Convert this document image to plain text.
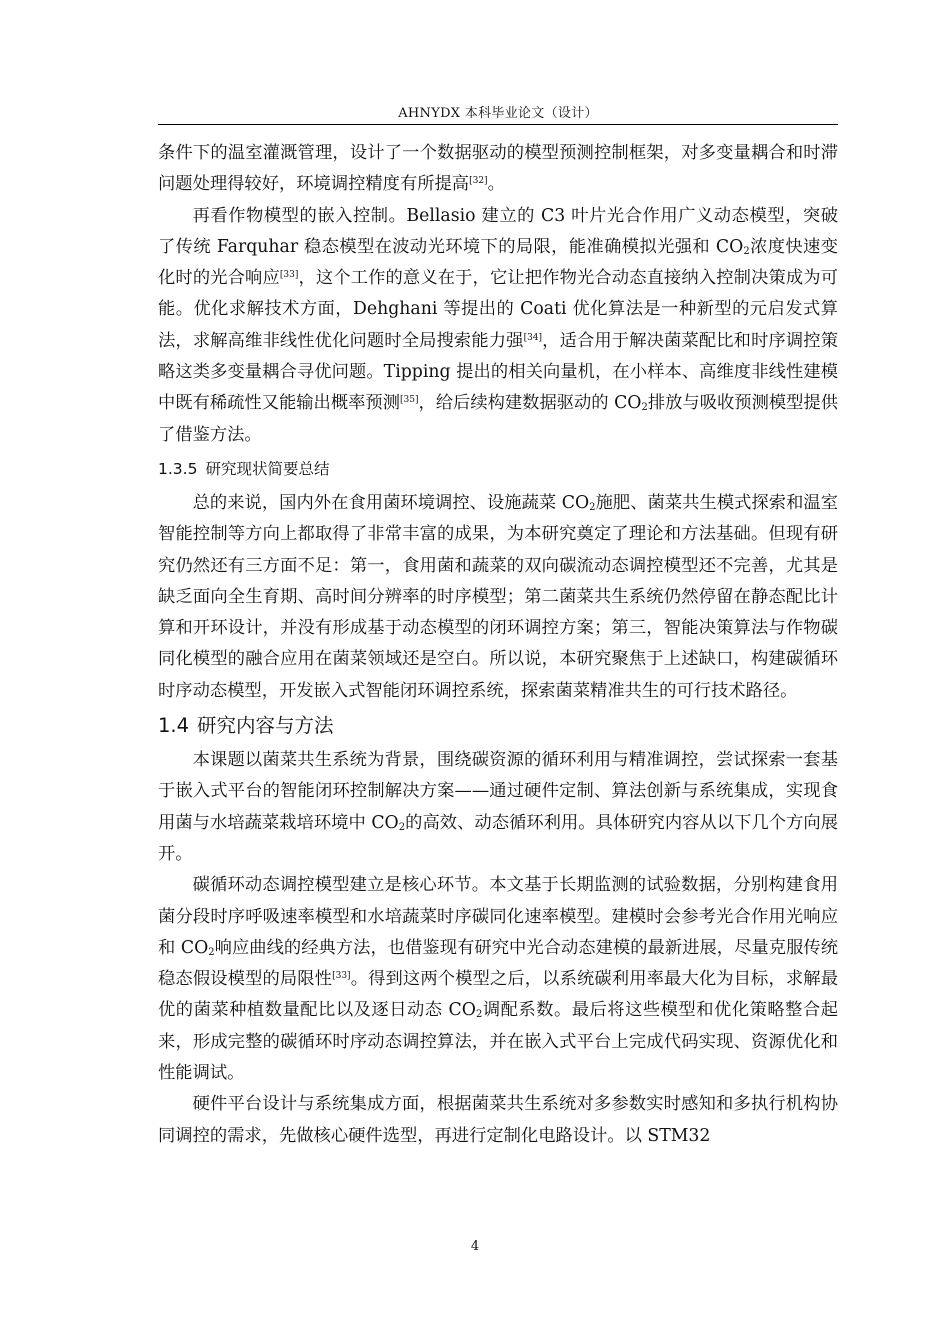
AHNYDX 本科毕业论文（设计）

条件下的温室灌溉管理，设计了一个数据驱动的模型预测控制框架，对多变量耦合和时滞问题处理得较好，环境调控精度有所提高[32]。

再看作物模型的嵌入控制。Bellasio 建立的 C3 叶片光合作用广义动态模型，突破了传统 Farquhar 稳态模型在波动光环境下的局限，能准确模拟光强和 $CO_2$浓度快速变化时的光合响应[33]，这个工作的意义在于，它让把作物光合动态直接纳入控制决策成为可能。优化求解技术方面，Dehghani 等提出的 Coati 优化算法是一种新型的元启发式算法，求解高维非线性优化问题时全局搜索能力强[34]，适合用于解决菌菜配比和时序调控策略这类多变量耦合寻优问题。Tipping 提出的相关向量机，在小样本、高维度非线性建模中既有稀疏性又能输出概率预测[35]，给后续构建数据驱动的 $CO_2$排放与吸收预测模型提供了借鉴方法。

1.3.5 研究现状简要总结

总的来说，国内外在食用菌环境调控、设施蔬菜 $CO_2$施肥、菌菜共生模式探索和温室智能控制等方向上都取得了非常丰富的成果，为本研究奠定了理论和方法基础。但现有研究仍然还有三方面不足：第一，食用菌和蔬菜的双向碳流动态调控模型还不完善，尤其是缺乏面向全生育期、高时间分辨率的时序模型；第二菌菜共生系统仍然停留在静态配比计算和开环设计，并没有形成基于动态模型的闭环调控方案；第三，智能决策算法与作物碳同化模型的融合应用在菌菜领域还是空白。所以说，本研究聚焦于上述缺口，构建碳循环时序动态模型，开发嵌入式智能闭环调控系统，探索菌菜精准共生的可行技术路径。

1.4 研究内容与方法

本课题以菌菜共生系统为背景，围绕碳资源的循环利用与精准调控，尝试探索一套基于嵌入式平台的智能闭环控制解决方案——通过硬件定制、算法创新与系统集成，实现食用菌与水培蔬菜栽培环境中 $CO_2$的高效、动态循环利用。具体研究内容从以下几个方向展开。

碳循环动态调控模型建立是核心环节。本文基于长期监测的试验数据，分别构建食用菌分段时序呼吸速率模型和水培蔬菜时序碳同化速率模型。建模时会参考光合作用光响应和 $CO_2$响应曲线的经典方法，也借鉴现有研究中光合动态建模的最新进展，尽量克服传统稳态假设模型的局限性[33]。得到这两个模型之后，以系统碳利用率最大化为目标，求解最优的菌菜种植数量配比以及逐日动态 $CO_2$调配系数。最后将这些模型和优化策略整合起来，形成完整的碳循环时序动态调控算法，并在嵌入式平台上完成代码实现、资源优化和性能调试。

硬件平台设计与系统集成方面，根据菌菜共生系统对多参数实时感知和多执行机构协同调控的需求，先做核心硬件选型，再进行定制化电路设计。以 STM32

4
